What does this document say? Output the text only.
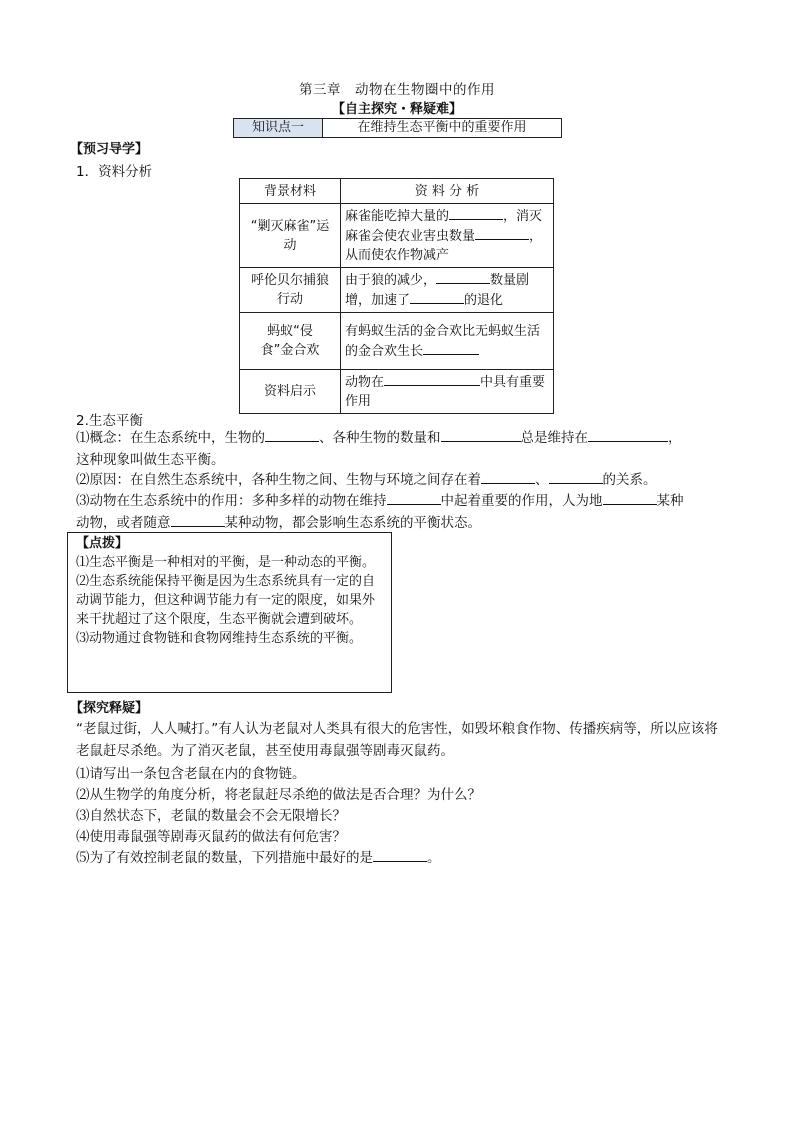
第三章　动物在生物圈中的作用
【自主探究・释疑难】
知识点一	在维持生态平衡中的重要作用
【预习导学】
1．资料分析
背景材料	资 料 分 析
“剿灭麻雀”运动	麻雀能吃掉大量的 ，消灭麻雀会使农业害虫数量 ，从而使农作物减产
呼伦贝尔捕狼行动	由于狼的减少， 数量剧增，加速了 的退化
蚂蚁“侵食”金合欢	有蚂蚁生活的金合欢比无蚂蚁生活的金合欢生长
资料启示	动物在 中具有重要作用
2.生态平衡
⑴概念：在生态系统中，生物的	、各种生物的数量和	总是维持在	，
这种现象叫做生态平衡。
⑵原因：在自然生态系统中，各种生物之间、生物与环境之间存在着	、	的关系。
⑶动物在生态系统中的作用：多种多样的动物在维持	中起着重要的作用，人为地	某种
动物，或者随意	某种动物，都会影响生态系统的平衡状态。
【点拨】
⑴生态平衡是一种相对的平衡，是一种动态的平衡。
⑵生态系统能保持平衡是因为生态系统具有一定的自动调节能力，但这种调节能力有一定的限度，如果外来干扰超过了这个限度，生态平衡就会遭到破坏。
⑶动物通过食物链和食物网维持生态系统的平衡。
【探究释疑】
“老鼠过街，人人喊打。”有人认为老鼠对人类具有很大的危害性，如毁坏粮食作物、传播疾病等，所以应该将老鼠赶尽杀绝。为了消灭老鼠，甚至使用毒鼠强等剧毒灭鼠药。
⑴请写出一条包含老鼠在内的食物链。
⑵从生物学的角度分析，将老鼠赶尽杀绝的做法是否合理？为什么？
⑶自然状态下，老鼠的数量会不会无限增长？
⑷使用毒鼠强等剧毒灭鼠药的做法有何危害？
⑸为了有效控制老鼠的数量，下列措施中最好的是	。
